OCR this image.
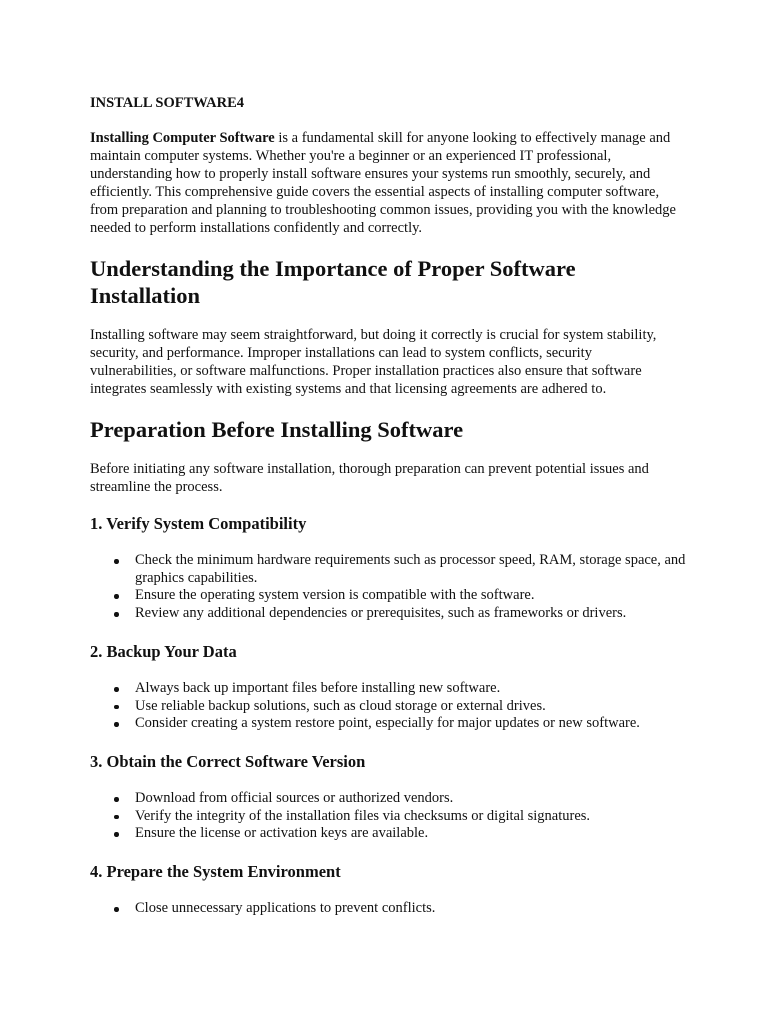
INSTALL SOFTWARE4

Installing Computer Software is a fundamental skill for anyone looking to effectively manage and maintain computer systems. Whether you're a beginner or an experienced IT professional, understanding how to properly install software ensures your systems run smoothly, securely, and efficiently. This comprehensive guide covers the essential aspects of installing computer software, from preparation and planning to troubleshooting common issues, providing you with the knowledge needed to perform installations confidently and correctly.

Understanding the Importance of Proper Software Installation

Installing software may seem straightforward, but doing it correctly is crucial for system stability, security, and performance. Improper installations can lead to system conflicts, security vulnerabilities, or software malfunctions. Proper installation practices also ensure that software integrates seamlessly with existing systems and that licensing agreements are adhered to.

Preparation Before Installing Software

Before initiating any software installation, thorough preparation can prevent potential issues and streamline the process.

1. Verify System Compatibility
Check the minimum hardware requirements such as processor speed, RAM, storage space, and graphics capabilities.
Ensure the operating system version is compatible with the software.
Review any additional dependencies or prerequisites, such as frameworks or drivers.
2. Backup Your Data
Always back up important files before installing new software.
Use reliable backup solutions, such as cloud storage or external drives.
Consider creating a system restore point, especially for major updates or new software.
3. Obtain the Correct Software Version
Download from official sources or authorized vendors.
Verify the integrity of the installation files via checksums or digital signatures.
Ensure the license or activation keys are available.
4. Prepare the System Environment
Close unnecessary applications to prevent conflicts.
